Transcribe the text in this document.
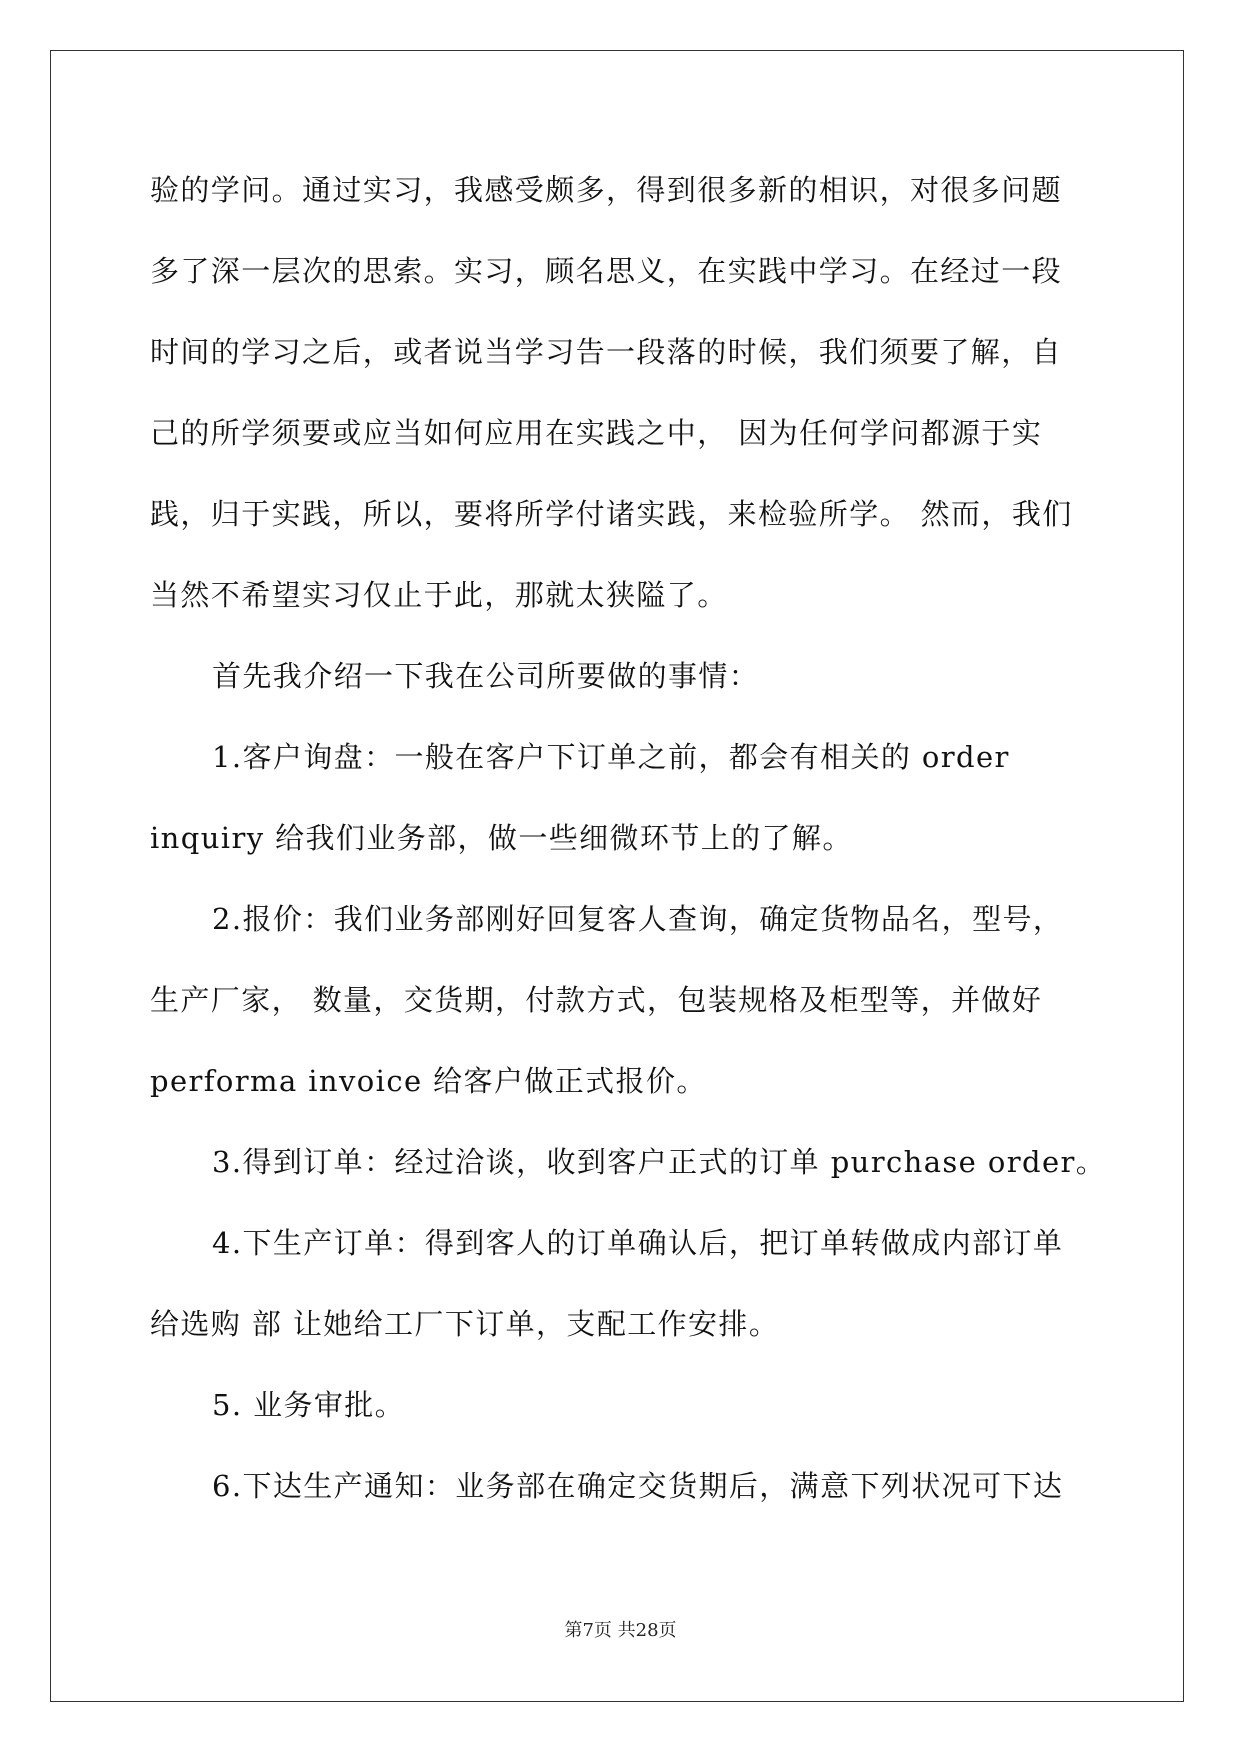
验的学问。通过实习，我感受颇多，得到很多新的相识，对很多问题
多了深一层次的思索。实习，顾名思义，在实践中学习。在经过一段
时间的学习之后，或者说当学习告一段落的时候，我们须要了解，自
己的所学须要或应当如何应用在实践之中， 因为任何学问都源于实
践，归于实践，所以，要将所学付诸实践，来检验所学。 然而，我们
当然不希望实习仅止于此，那就太狭隘了。
首先我介绍一下我在公司所要做的事情：
1.客户询盘：一般在客户下订单之前，都会有相关的 order
inquiry 给我们业务部，做一些细微环节上的了解。
2.报价：我们业务部刚好回复客人查询，确定货物品名，型号，
生产厂家， 数量，交货期，付款方式，包装规格及柜型等，并做好
performa invoice 给客户做正式报价。
3.得到订单：经过洽谈，收到客户正式的订单 purchase order。
4.下生产订单：得到客人的订单确认后，把订单转做成内部订单
给选购 部 让她给工厂下订单，支配工作安排。
5. 业务审批。
6.下达生产通知：业务部在确定交货期后，满意下列状况可下达
第7页 共28页
